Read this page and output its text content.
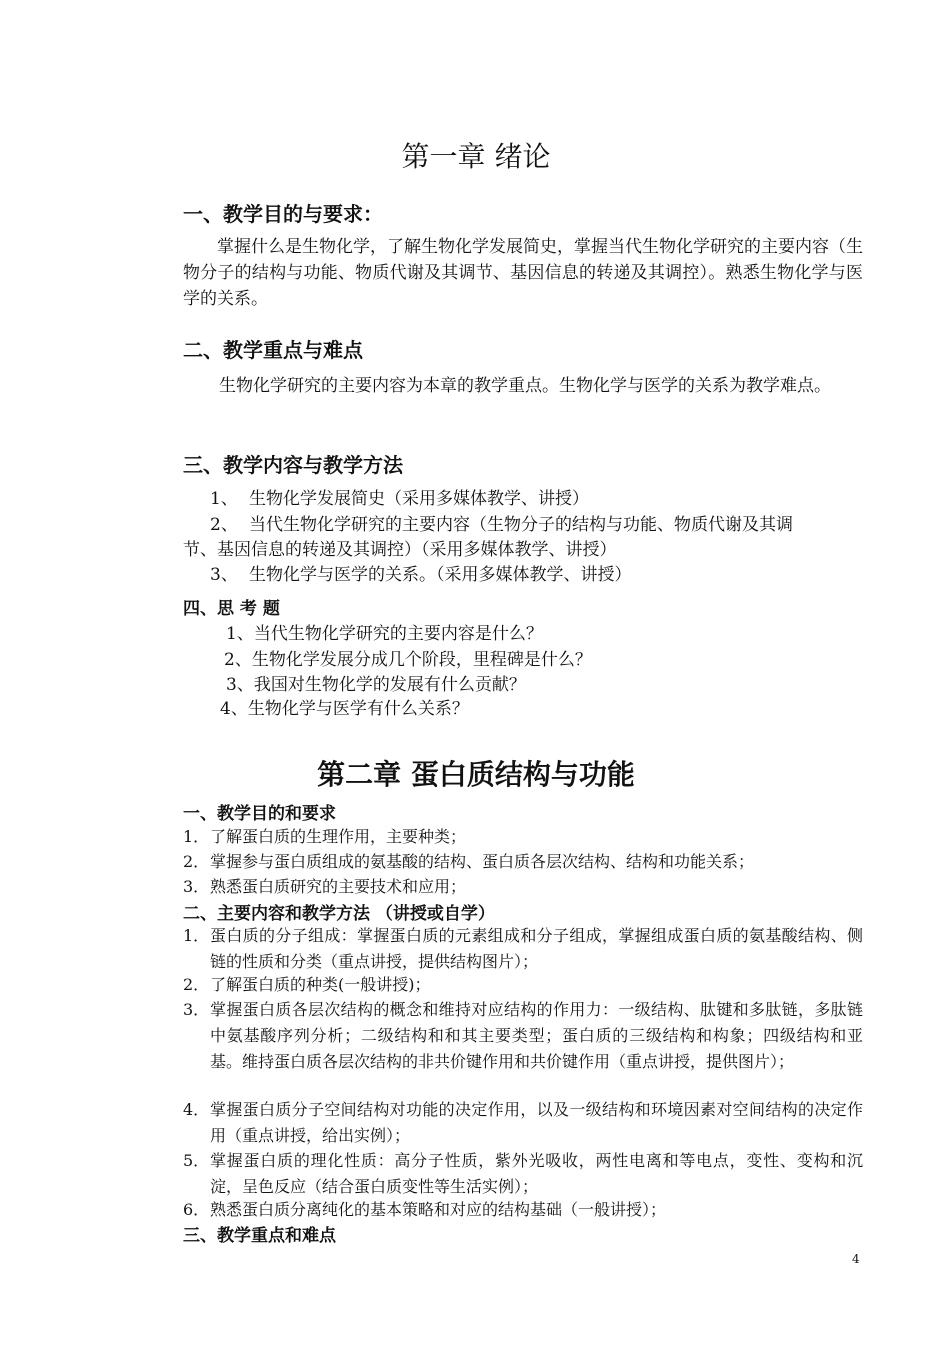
第一章 绪论
一、教学目的与要求：
掌握什么是生物化学，了解生物化学发展简史，掌握当代生物化学研究的主要内容（生物分子的结构与功能、物质代谢及其调节、基因信息的转递及其调控）。熟悉生物化学与医学的关系。
二、教学重点与难点
生物化学研究的主要内容为本章的教学重点。生物化学与医学的关系为教学难点。
三、教学内容与教学方法
1、 生物化学发展简史（采用多媒体教学、讲授）
2、 当代生物化学研究的主要内容（生物分子的结构与功能、物质代谢及其调
节、基因信息的转递及其调控）（采用多媒体教学、讲授）
3、 生物化学与医学的关系。（采用多媒体教学、讲授）
四、思 考 题
1、当代生物化学研究的主要内容是什么？
2、生物化学发展分成几个阶段，里程碑是什么？
3、我国对生物化学的发展有什么贡献？
4、生物化学与医学有什么关系？
第二章 蛋白质结构与功能
一、教学目的和要求
1． 了解蛋白质的生理作用，主要种类；
2． 掌握参与蛋白质组成的氨基酸的结构、蛋白质各层次结构、结构和功能关系；
3． 熟悉蛋白质研究的主要技术和应用；
二、主要内容和教学方法 （讲授或自学）
1． 蛋白质的分子组成：掌握蛋白质的元素组成和分子组成，掌握组成蛋白质的氨基酸结构、侧链的性质和分类（重点讲授，提供结构图片）；
2． 了解蛋白质的种类(一般讲授)；
3． 掌握蛋白质各层次结构的概念和维持对应结构的作用力：一级结构、肽键和多肽链，多肽链中氨基酸序列分析；二级结构和和其主要类型；蛋白质的三级结构和构象；四级结构和亚基。维持蛋白质各层次结构的非共价键作用和共价键作用（重点讲授，提供图片）；
4． 掌握蛋白质分子空间结构对功能的决定作用，以及一级结构和环境因素对空间结构的决定作用（重点讲授，给出实例）；
5． 掌握蛋白质的理化性质：高分子性质，紫外光吸收，两性电离和等电点，变性、变构和沉淀，呈色反应（结合蛋白质变性等生活实例）；
6． 熟悉蛋白质分离纯化的基本策略和对应的结构基础（一般讲授）；
三、教学重点和难点
4
